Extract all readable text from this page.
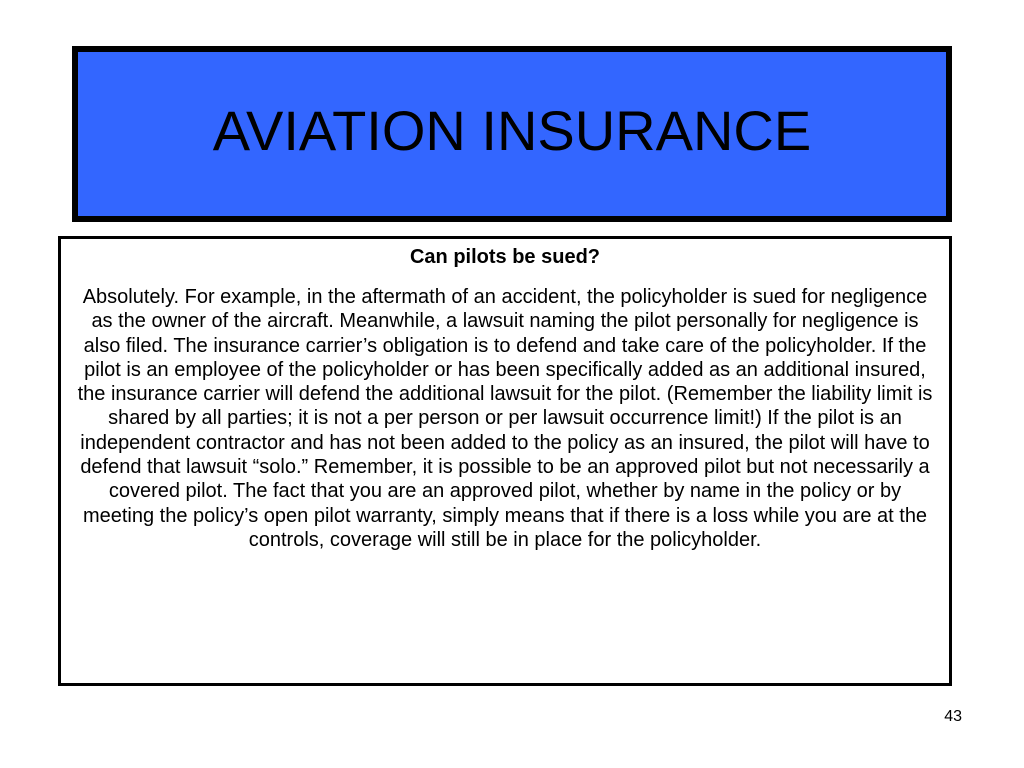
AVIATION INSURANCE

Can pilots be sued?

Absolutely. For example, in the aftermath of an accident, the policyholder is sued for negligence as the owner of the aircraft. Meanwhile, a lawsuit naming the pilot personally for negligence is also filed. The insurance carrier’s obligation is to defend and take care of the policyholder. If the pilot is an employee of the policyholder or has been specifically added as an additional insured, the insurance carrier will defend the additional lawsuit for the pilot. (Remember the liability limit is shared by all parties; it is not a per person or per lawsuit occurrence limit!) If the pilot is an independent contractor and has not been added to the policy as an insured, the pilot will have to defend that lawsuit “solo.” Remember, it is possible to be an approved pilot but not necessarily a covered pilot. The fact that you are an approved pilot, whether by name in the policy or by meeting the policy’s open pilot warranty, simply means that if there is a loss while you are at the controls, coverage will still be in place for the policyholder.

43
